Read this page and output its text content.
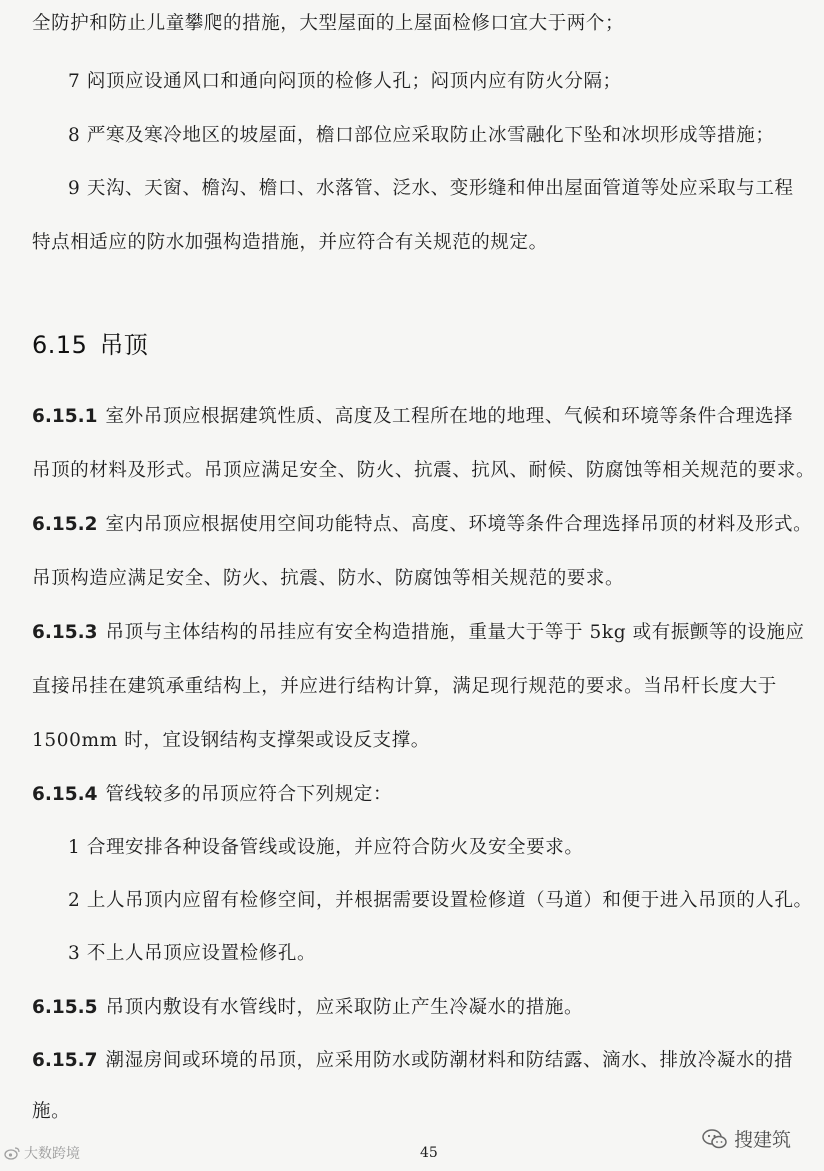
全防护和防止儿童攀爬的措施，大型屋面的上屋面检修口宜大于两个；
7 闷顶应设通风口和通向闷顶的检修人孔；闷顶内应有防火分隔；
8 严寒及寒冷地区的坡屋面，檐口部位应采取防止冰雪融化下坠和冰坝形成等措施；
9 天沟、天窗、檐沟、檐口、水落管、泛水、变形缝和伸出屋面管道等处应采取与工程
特点相适应的防水加强构造措施，并应符合有关规范的规定。
6.15 吊顶
6.15.1 室外吊顶应根据建筑性质、高度及工程所在地的地理、气候和环境等条件合理选择
吊顶的材料及形式。吊顶应满足安全、防火、抗震、抗风、耐候、防腐蚀等相关规范的要求。
6.15.2 室内吊顶应根据使用空间功能特点、高度、环境等条件合理选择吊顶的材料及形式。
吊顶构造应满足安全、防火、抗震、防水、防腐蚀等相关规范的要求。
6.15.3 吊顶与主体结构的吊挂应有安全构造措施，重量大于等于 5kg 或有振颤等的设施应
直接吊挂在建筑承重结构上，并应进行结构计算，满足现行规范的要求。当吊杆长度大于
1500mm 时，宜设钢结构支撑架或设反支撑。
6.15.4 管线较多的吊顶应符合下列规定：
1 合理安排各种设备管线或设施，并应符合防火及安全要求。
2 上人吊顶内应留有检修空间，并根据需要设置检修道（马道）和便于进入吊顶的人孔。
3 不上人吊顶应设置检修孔。
6.15.5 吊顶内敷设有水管线时，应采取防止产生冷凝水的措施。
6.15.7 潮湿房间或环境的吊顶，应采用防水或防潮材料和防结露、滴水、排放冷凝水的措
施。
45
大数跨境
搜建筑
